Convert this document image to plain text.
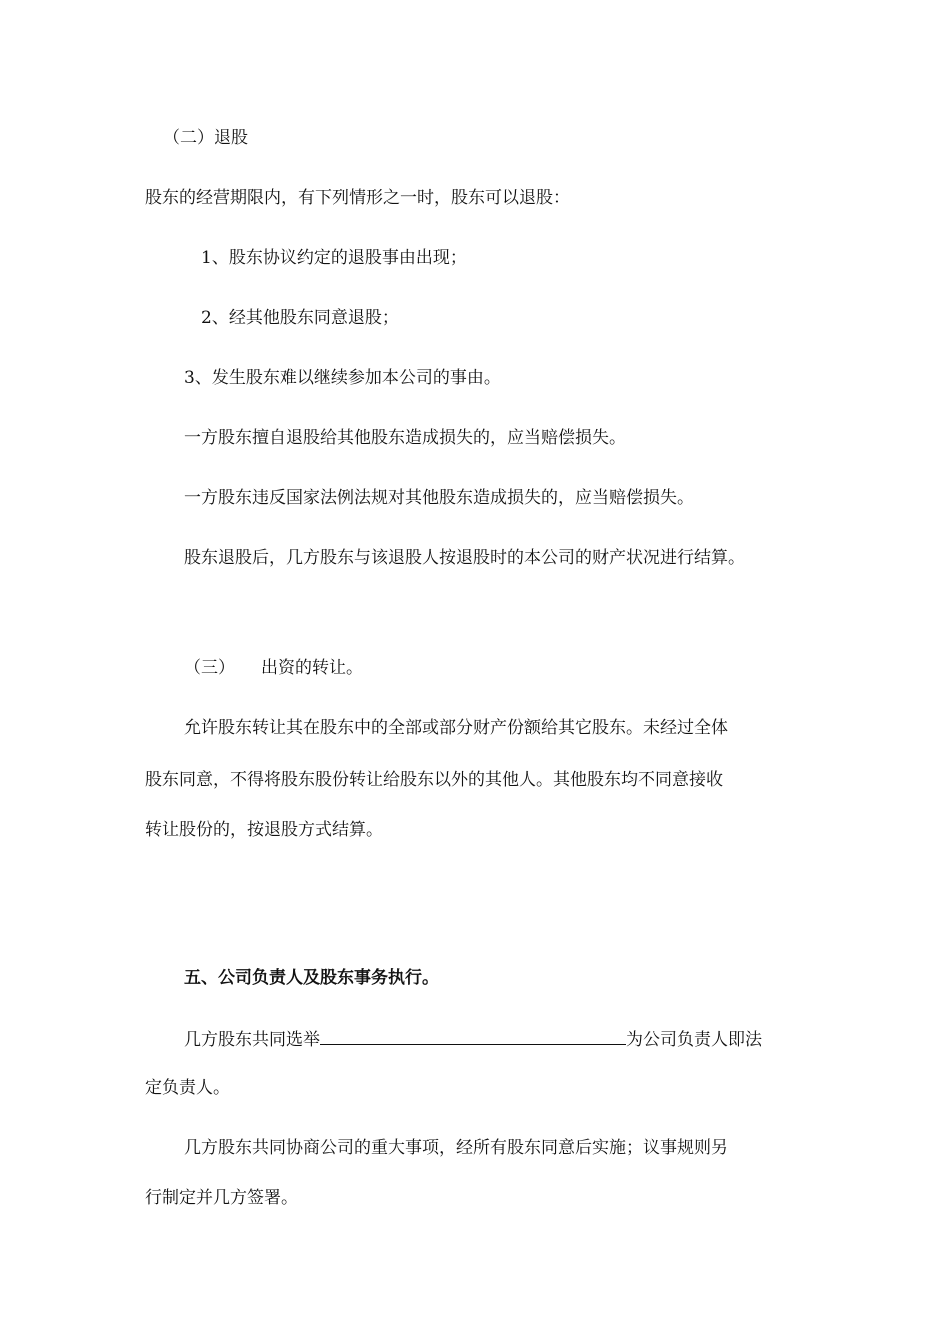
（二）退股

股东的经营期限内，有下列情形之一时，股东可以退股：

1、股东协议约定的退股事由出现；

2、经其他股东同意退股；

3、发生股东难以继续参加本公司的事由。

一方股东擅自退股给其他股东造成损失的，应当赔偿损失。

一方股东违反国家法例法规对其他股东造成损失的，应当赔偿损失。

股东退股后，几方股东与该退股人按退股时的本公司的财产状况进行结算。

（三） 出资的转让。

允许股东转让其在股东中的全部或部分财产份额给其它股东。未经过全体

股东同意，不得将股东股份转让给股东以外的其他人。其他股东均不同意接收

转让股份的，按退股方式结算。

五、公司负责人及股东事务执行。

几方股东共同选举	为公司负责人即法

定负责人。

几方股东共同协商公司的重大事项，经所有股东同意后实施；议事规则另

行制定并几方签署。
